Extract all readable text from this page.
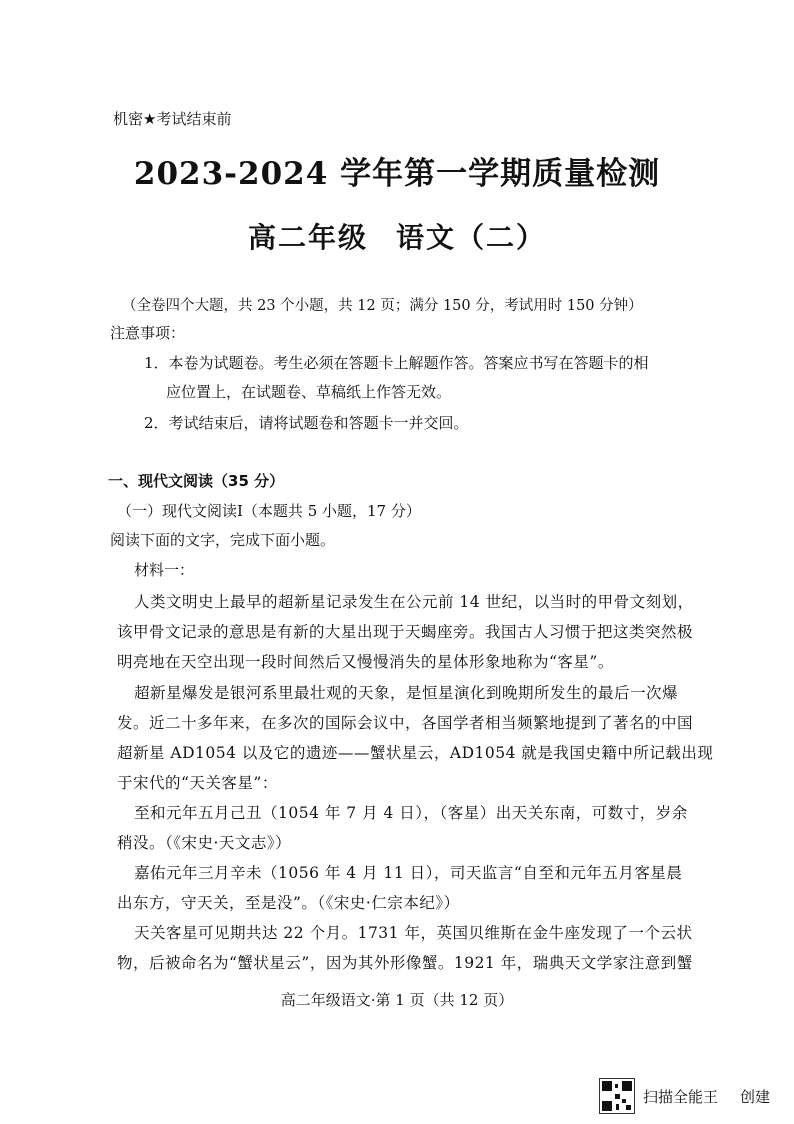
机密★考试结束前
2023-2024 学年第一学期质量检测
高二年级 语文（二）
（全卷四个大题，共 23 个小题，共 12 页；满分 150 分，考试用时 150 分钟）
注意事项：
1．本卷为试题卷。考生必须在答题卡上解题作答。答案应书写在答题卡的相
应位置上，在试题卷、草稿纸上作答无效。
2．考试结束后，请将试题卷和答题卡一并交回。
一、现代文阅读（35 分）
（一）现代文阅读Ⅰ（本题共 5 小题，17 分）
阅读下面的文字，完成下面小题。
材料一：
人类文明史上最早的超新星记录发生在公元前 14 世纪，以当时的甲骨文刻划，
该甲骨文记录的意思是有新的大星出现于天蝎座旁。我国古人习惯于把这类突然极
明亮地在天空出现一段时间然后又慢慢消失的星体形象地称为“客星”。
超新星爆发是银河系里最壮观的天象，是恒星演化到晚期所发生的最后一次爆
发。近二十多年来，在多次的国际会议中，各国学者相当频繁地提到了著名的中国
超新星 AD1054 以及它的遗迹——蟹状星云，AD1054 就是我国史籍中所记载出现
于宋代的“天关客星”：
至和元年五月己丑（1054 年 7 月 4 日），（客星）出天关东南，可数寸，岁余
稍没。（《宋史·天文志》）
嘉佑元年三月辛未（1056 年 4 月 11 日），司天监言“自至和元年五月客星晨
出东方，守天关，至是没”。（《宋史·仁宗本纪》）
天关客星可见期共达 22 个月。1731 年，英国贝维斯在金牛座发现了一个云状
物，后被命名为“蟹状星云”，因为其外形像蟹。1921 年，瑞典天文学家注意到蟹
高二年级语文·第 1 页（共 12 页）
扫描全能王 创建
